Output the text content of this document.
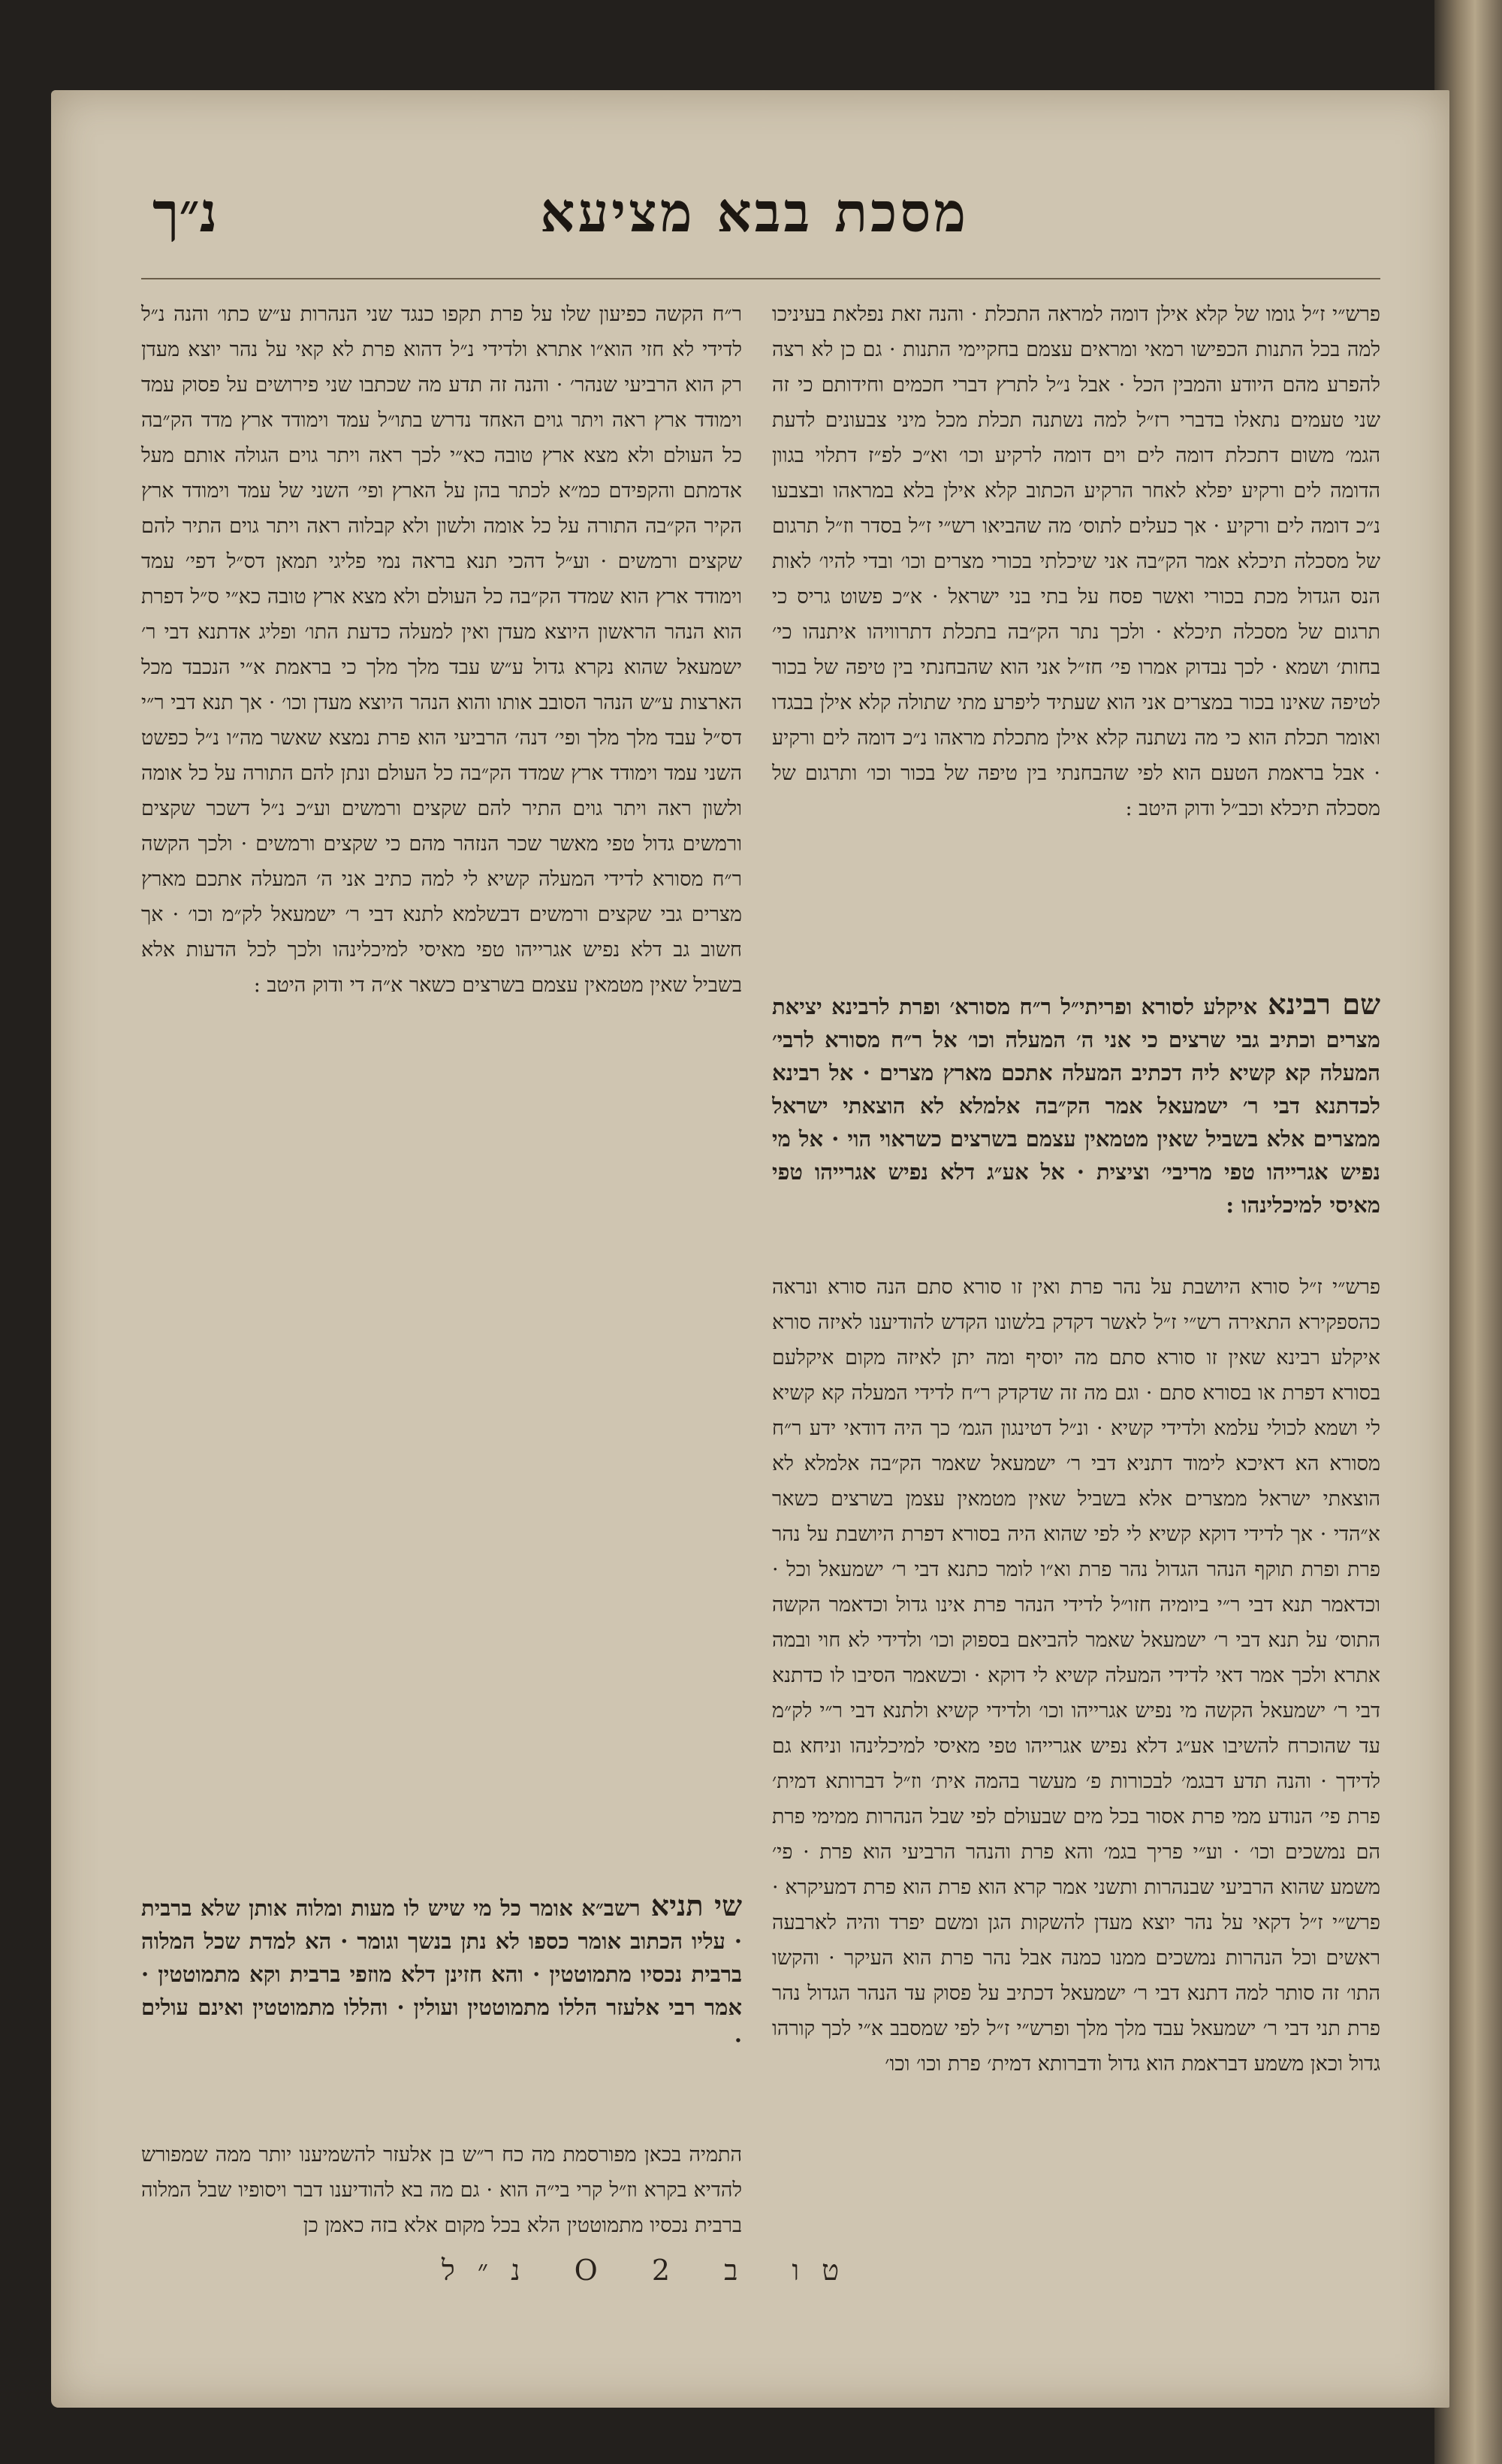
מסכת בבא מציעא
נ״ך
פרש״י ז״ל גומו של קלא אילן דומה למראה התכלת · והנה זאת נפלאת בעיניכו למה בכל התנות הכפישו רמאי ומראים עצמם בחקיימי התנות · גם כן לא רצה להפרע מהם היודע והמבין הכל · אבל נ״ל לתרץ דברי חכמים וחידותם כי זה שני טעמים נתאלו בדברי רז״ל למה נשתנה תכלת מכל מיני צבעונים לדעת הגמ׳ משום דתכלת דומה לים וים דומה לרקיע וכו׳ וא״כ לפ״ז דתלוי בגוון הדומה לים ורקיע יפלא לאחר הרקיע הכתוב קלא אילן בלא במראהו ובצבעו נ״כ דומה לים ורקיע · אך כעלים לתוס׳ מה שהביאו רש״י ז״ל בסדר וז״ל תרגום של מסכלה תיכלא אמר הק״בה אני שיכלתי בכורי מצרים וכו׳ ובדי להיו׳ לאות הנס הגדול מכת בכורי ואשר פסח על בתי בני ישראל · א״כ פשוט גריס כי תרגום של מסכלה תיכלא · ולכך נתר הק״בה בתכלת דתרוויהו איתנהו כי׳ בחות׳ ושמא · לכך נבדוק אמרו פי׳ חז״ל אני הוא שהבחנתי בין טיפה של בכור לטיפה שאינו בכור במצרים אני הוא שעתיד ליפרע מתי שתולה קלא אילן בבגדו ואומר תכלת הוא כי מה נשתנה קלא אילן מתכלת מראהו נ״כ דומה לים ורקיע · אבל בראמת הטעם הוא לפי שהבחנתי בין טיפה של בכור וכו׳ ותרגום של מסכלה תיכלא וכב״ל ודוק היטב :
שם רבינאאיקלע לסורא ופריתי״ל ר״ח מסורא׳ ופרת לרבינא יציאת מצרים וכתיב גבי שרצים כי אני ה׳ המעלה וכו׳ אל ר״ח מסורא לרבי׳ המעלה קא קשיא ליה דכתיב המעלה אתכם מארץ מצרים · אל רבינא לכדתנא דבי ר׳ ישמעאל אמר הק״בה אלמלא לא הוצאתי ישראל ממצרים אלא בשביל שאין מטמאין עצמם בשרצים כשראוי הוי · אל מי נפיש אגרייהו טפי מריבי׳ וציצית · אל אע״ג דלא נפיש אגרייהו טפי מאיסי למיכלינהו :
פרש״י ז״ל סורא היושבת על נהר פרת ואין זו סורא סתם הנה סורא ונראה כהספקירא התאירה רש״י ז״ל לאשר דקדק בלשונו הקדש להודיענו לאיזה סורא איקלע רבינא שאין זו סורא סתם מה יוסיף ומה יתן לאיזה מקום איקלעם בסורא דפרת או בסורא סתם · וגם מה זה שדקדק ר״ח לדידי המעלה קא קשיא לי ושמא לכולי עלמא ולדידי קשיא · ונ״ל דטינגון הגמ׳ כך היה דודאי ידע ר״ח מסורא הא דאיכא לימוד דתניא דבי ר׳ ישמעאל שאמר הק״בה אלמלא לא הוצאתי ישראל ממצרים אלא בשביל שאין מטמאין עצמן בשרצים כשאר א״הדי · אך לדידי דוקא קשיא לי לפי שהוא היה בסורא דפרת היושבת על נהר פרת ופרת תוקף הנהר הגדול נהר פרת וא״ו לומר כתנא דבי ר׳ ישמעאל וכל · וכדאמר תנא דבי ר״י ביומיה חזו״ל לדידי הנהר פרת אינו גדול וכדאמר הקשה התוס׳ על תנא דבי ר׳ ישמעאל שאמר להביאם בספוק וכו׳ ולדידי לא חוי ובמה אתרא ולכך אמר דאי לדידי המעלה קשיא לי דוקא · וכשאמר הסיבו לו כדתנא דבי ר׳ ישמעאל הקשה מי נפיש אגרייהו וכו׳ ולדידי קשיא ולתנא דבי ר״י לק״מ עד שהוכרח להשיבו אע״ג דלא נפיש אגרייהו טפי מאיסי למיכלינהו וניחא גם לדידך · והנה תדע דבגמ׳ לבכורות פ׳ מעשר בהמה אית׳ וז״ל דברותא דמית׳ פרת פי׳ הנודע ממי פרת אסור בכל מים שבעולם לפי שבל הנהרות ממימי פרת הם נמשכים וכו׳ · וע״י פריך בגמ׳ והא פרת והנהר הרביעי הוא פרת · פי׳ משמע שהוא הרביעי שבנהרות ותשני אמר קרא הוא פרת הוא פרת דמעיקרא · פרש״י ז״ל דקאי על נהר יוצא מעדן להשקות הגן ומשם יפרד והיה לארבעה ראשים וכל הנהרות נמשכים ממנו כמנה אבל נהר פרת הוא העיקר · והקשו התו׳ זה סותר למה דתנא דבי ר׳ ישמעאל דכתיב על פסוק עד הנהר הגדול נהר פרת תני דבי ר׳ ישמעאל עבד מלך מלך ופרש״י ז״ל לפי שמסבב א״י לכך קורהו גדול וכאן משמע דבראמת הוא גדול ודברותא דמית׳ פרת וכו׳ וכו׳
ר״ח הקשה כפיעון שלו על פרת תקפו כנגד שני הנהרות ע״ש כתו׳ והנה נ״ל לדידי לא חזי הוא״ו אתרא ולדידי נ״ל דהוא פרת לא קאי על נהר יוצא מעדן רק הוא הרביעי שנהר׳ · והנה זה תדע מה שכתבו שני פירושים על פסוק עמד וימודד ארץ ראה ויתר גוים האחד נדרש בתו״ל עמד וימודד ארץ מדד הק״בה כל העולם ולא מצא ארץ טובה כא״י לכך ראה ויתר גוים הגולה אותם מעל אדמתם והקפידם כמ״א לכתר בהן על הארץ ופי׳ השני של עמד וימודד ארץ הקיר הק״בה התורה על כל אומה ולשון ולא קבלוה ראה ויתר גוים התיר להם שקצים ורמשים · וע״ל דהכי תנא בראה נמי פליגי תמאן דס״ל דפי׳ עמד וימודד ארץ הוא שמדד הק״בה כל העולם ולא מצא ארץ טובה כא״י ס״ל דפרת הוא הנהר הראשון היוצא מעדן ואין למעלה כדעת התו׳ ופליג אדתנא דבי ר׳ ישמעאל שהוא נקרא גדול ע״ש עבד מלך מלך כי בראמת א״י הנכבד מכל הארצות ע״ש הנהר הסובב אותו והוא הנהר היוצא מעדן וכו׳ · אך תנא דבי ר״י דס״ל עבד מלך מלך ופי׳ דנה׳ הרביעי הוא פרת נמצא שאשר מה״ו נ״ל כפשט השני עמד וימודד ארץ שמדד הק״בה כל העולם ונתן להם התורה על כל אומה ולשון ראה ויתר גוים התיר להם שקצים ורמשים וע״כ נ״ל דשכר שקצים ורמשים גדול טפי מאשר שכר הנזהר מהם כי שקצים ורמשים · ולכך הקשה ר״ח מסורא לדידי המעלה קשיא לי למה כתיב אני ה׳ המעלה אתכם מארץ מצרים גבי שקצים ורמשים דבשלמא לתנא דבי ר׳ ישמעאל לק״מ וכו׳ · אך חשוב גב דלא נפיש אגרייהו טפי מאיסי למיכלינהו ולכך לכל הדעות אלא בשביל שאין מטמאין עצמם בשרצים כשאר א״ה די ודוק היטב :
שי תניארשב״א אומר כל מי שיש לו מעות ומלוה אותן שלא ברבית · עליו הכתוב אומר כספו לא נתן בנשך וגומר · הא למדת שכל המלוה ברבית נכסיו מתמוטטין · והא חזינן דלא מוזפי ברבית וקא מתמוטטין · אמר רבי אלעזר הללו מתמוטטין ועולין · והללו מתמוטטין ואינם עולים ·
התמיה בכאן מפורסמת מה כח ר״ש בן אלעזר להשמיענו יותר ממה שמפורש להדיא בקרא וז״ל קרי בי״ה הוא · גם מה בא להודיענו דבר ויסופיו שבל המלוה ברבית נכסיו מתמוטטין הלא בכל מקום אלא בזה כאמן כן
טו ב O 2 נ״ל
